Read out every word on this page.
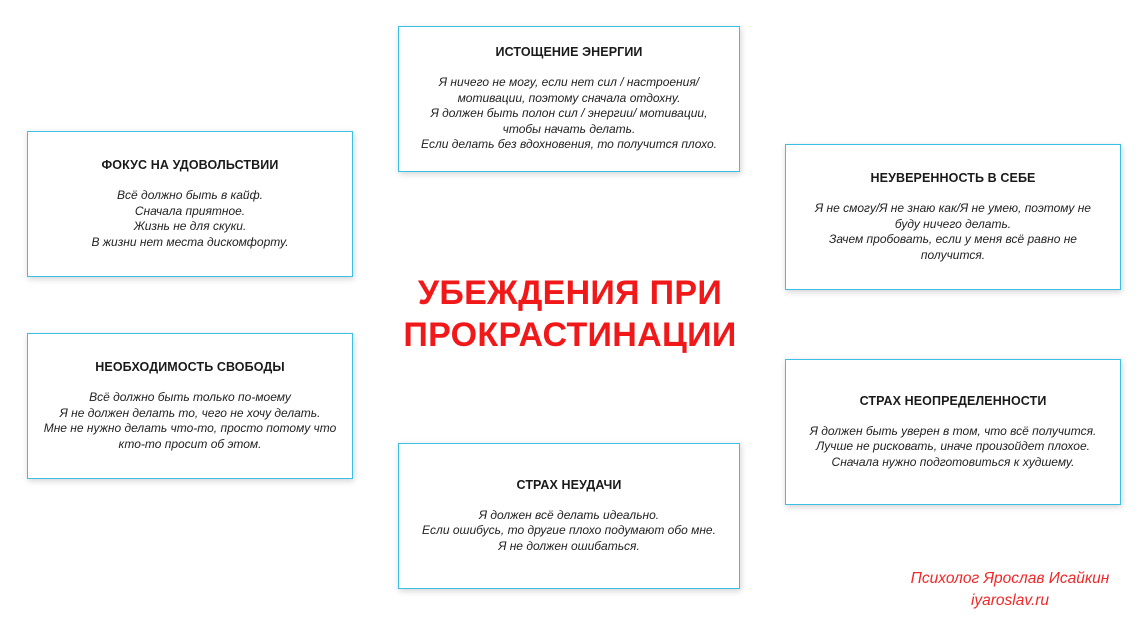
УБЕЖДЕНИЯ ПРИ
ПРОКРАСТИНАЦИИ
ИСТОЩЕНИЕ ЭНЕРГИИ
Я ничего не могу, если нет сил / настроения/
мотивации, поэтому сначала отдохну.
Я должен быть полон сил / энергии/ мотивации,
чтобы начать делать.
Если делать без вдохновения, то получится плохо.
ФОКУС НА УДОВОЛЬСТВИИ
Всё должно быть в кайф.
Сначала приятное.
Жизнь не для скуки.
В жизни нет места дискомфорту.
НЕУВЕРЕННОСТЬ В СЕБЕ
Я не смогу/Я не знаю как/Я не умею, поэтому не
буду ничего делать.
Зачем пробовать, если у меня всё равно не
получится.
НЕОБХОДИМОСТЬ СВОБОДЫ
Всё должно быть только по-моему
Я не должен делать то, чего не хочу делать.
Мне не нужно делать что-то, просто потому что
кто-то просит об этом.
СТРАХ НЕОПРЕДЕЛЕННОСТИ
Я должен быть уверен в том, что всё получится.
Лучше не рисковать, иначе произойдет плохое.
Сначала нужно подготовиться к худшему.
СТРАХ НЕУДАЧИ
Я должен всё делать идеально.
Если ошибусь, то другие плохо подумают обо мне.
Я не должен ошибаться.
Психолог Ярослав Исайкин
iyaroslav.ru
